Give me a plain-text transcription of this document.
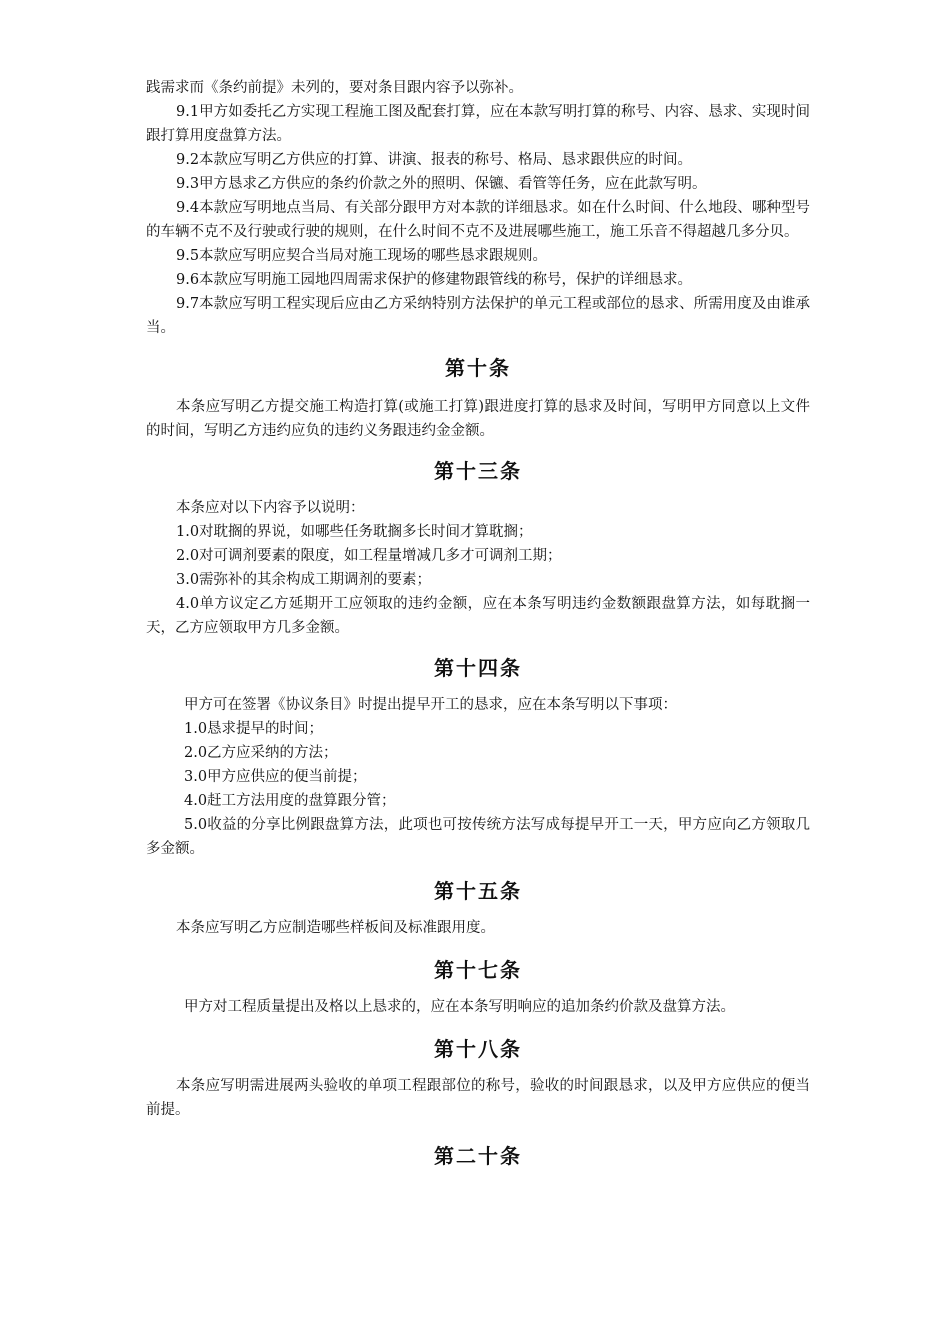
践需求而《条约前提》未列的，要对条目跟内容予以弥补。

9.1甲方如委托乙方实现工程施工图及配套打算，应在本款写明打算的称号、内容、恳求、实现时间跟打算用度盘算方法。

9.2本款应写明乙方供应的打算、讲演、报表的称号、格局、恳求跟供应的时间。

9.3甲方恳求乙方供应的条约价款之外的照明、保镳、看管等任务，应在此款写明。

9.4本款应写明地点当局、有关部分跟甲方对本款的详细恳求。如在什么时间、什么地段、哪种型号的车辆不克不及行驶或行驶的规则，在什么时间不克不及进展哪些施工，施工乐音不得超越几多分贝。

9.5本款应写明应契合当局对施工现场的哪些恳求跟规则。

9.6本款应写明施工园地四周需求保护的修建物跟管线的称号，保护的详细恳求。

9.7本款应写明工程实现后应由乙方采纳特别方法保护的单元工程或部位的恳求、所需用度及由谁承当。

第十条

本条应写明乙方提交施工构造打算(或施工打算)跟进度打算的恳求及时间，写明甲方同意以上文件的时间，写明乙方违约应负的违约义务跟违约金金额。

第十三条

本条应对以下内容予以说明：

1.0对耽搁的界说，如哪些任务耽搁多长时间才算耽搁；

2.0对可调剂要素的限度，如工程量增减几多才可调剂工期；

3.0需弥补的其余构成工期调剂的要素；

4.0单方议定乙方延期开工应领取的违约金额，应在本条写明违约金数额跟盘算方法，如每耽搁一天，乙方应领取甲方几多金额。

第十四条

甲方可在签署《协议条目》时提出提早开工的恳求，应在本条写明以下事项：

1.0恳求提早的时间；

2.0乙方应采纳的方法；

3.0甲方应供应的便当前提；

4.0赶工方法用度的盘算跟分管；

5.0收益的分享比例跟盘算方法，此项也可按传统方法写成每提早开工一天，甲方应向乙方领取几多金额。

第十五条

本条应写明乙方应制造哪些样板间及标准跟用度。

第十七条

甲方对工程质量提出及格以上恳求的，应在本条写明响应的追加条约价款及盘算方法。

第十八条

本条应写明需进展两头验收的单项工程跟部位的称号，验收的时间跟恳求，以及甲方应供应的便当前提。

第二十条
